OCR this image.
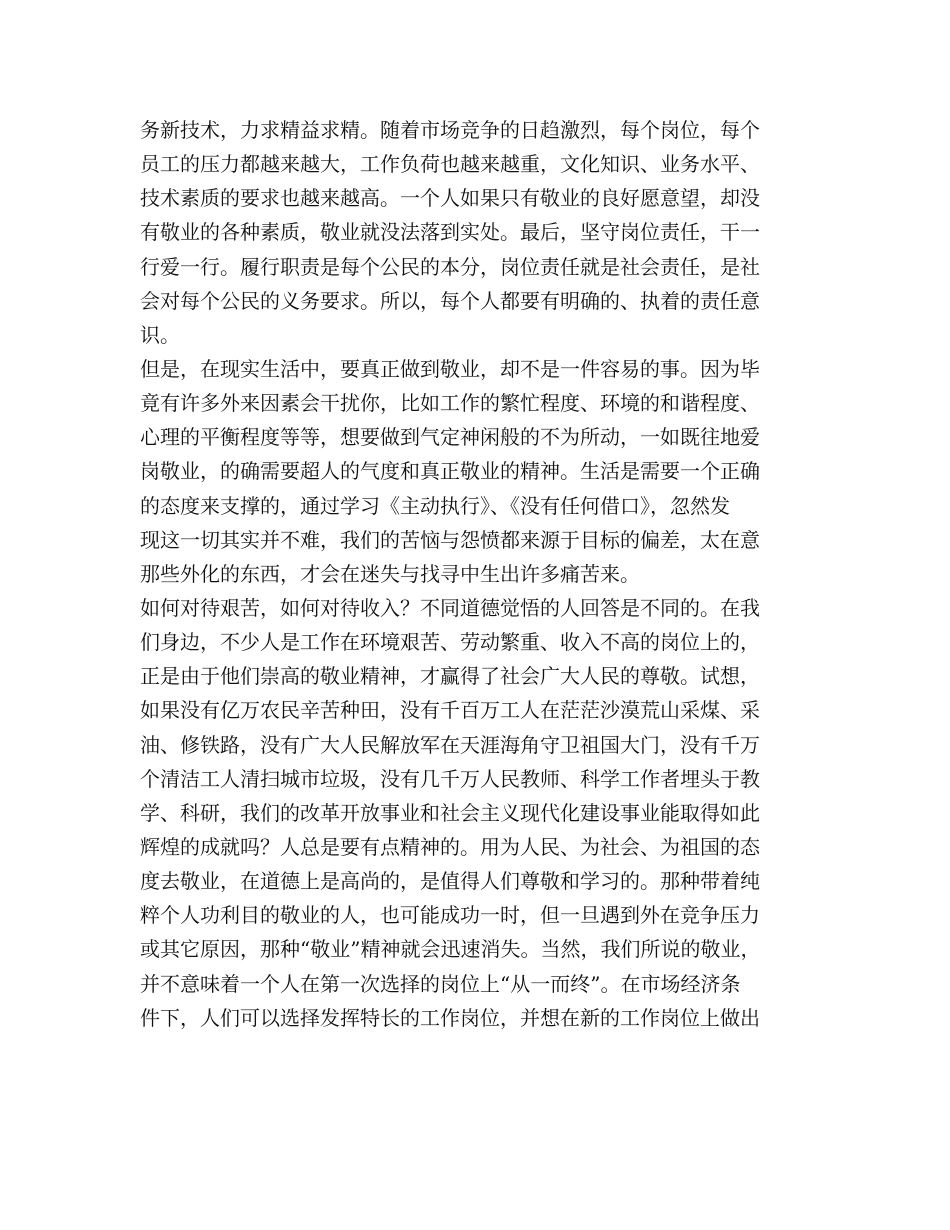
务新技术，力求精益求精。随着市场竞争的日趋激烈，每个岗位，每个
员工的压力都越来越大，工作负荷也越来越重，文化知识、业务水平、
技术素质的要求也越来越高。一个人如果只有敬业的良好愿意望，却没
有敬业的各种素质，敬业就没法落到实处。最后，坚守岗位责任，干一
行爱一行。履行职责是每个公民的本分，岗位责任就是社会责任，是社
会对每个公民的义务要求。所以，每个人都要有明确的、执着的责任意
识。
但是，在现实生活中，要真正做到敬业，却不是一件容易的事。因为毕
竟有许多外来因素会干扰你，比如工作的繁忙程度、环境的和谐程度、
心理的平衡程度等等，想要做到气定神闲般的不为所动，一如既往地爱
岗敬业，的确需要超人的气度和真正敬业的精神。生活是需要一个正确
的态度来支撑的，通过学习《主动执行》、《没有任何借口》，忽然发
现这一切其实并不难，我们的苦恼与怨愤都来源于目标的偏差，太在意
那些外化的东西，才会在迷失与找寻中生出许多痛苦来。
如何对待艰苦，如何对待收入？不同道德觉悟的人回答是不同的。在我
们身边，不少人是工作在环境艰苦、劳动繁重、收入不高的岗位上的，
正是由于他们崇高的敬业精神，才赢得了社会广大人民的尊敬。试想，
如果没有亿万农民辛苦种田，没有千百万工人在茫茫沙漠荒山采煤、采
油、修铁路，没有广大人民解放军在天涯海角守卫祖国大门，没有千万
个清洁工人清扫城市垃圾，没有几千万人民教师、科学工作者埋头于教
学、科研，我们的改革开放事业和社会主义现代化建设事业能取得如此
辉煌的成就吗？人总是要有点精神的。用为人民、为社会、为祖国的态
度去敬业，在道德上是高尚的，是值得人们尊敬和学习的。那种带着纯
粹个人功利目的敬业的人，也可能成功一时，但一旦遇到外在竞争压力
或其它原因，那种“敬业”精神就会迅速消失。当然，我们所说的敬业，
并不意味着一个人在第一次选择的岗位上“从一而终”。在市场经济条
件下，人们可以选择发挥特长的工作岗位，并想在新的工作岗位上做出
